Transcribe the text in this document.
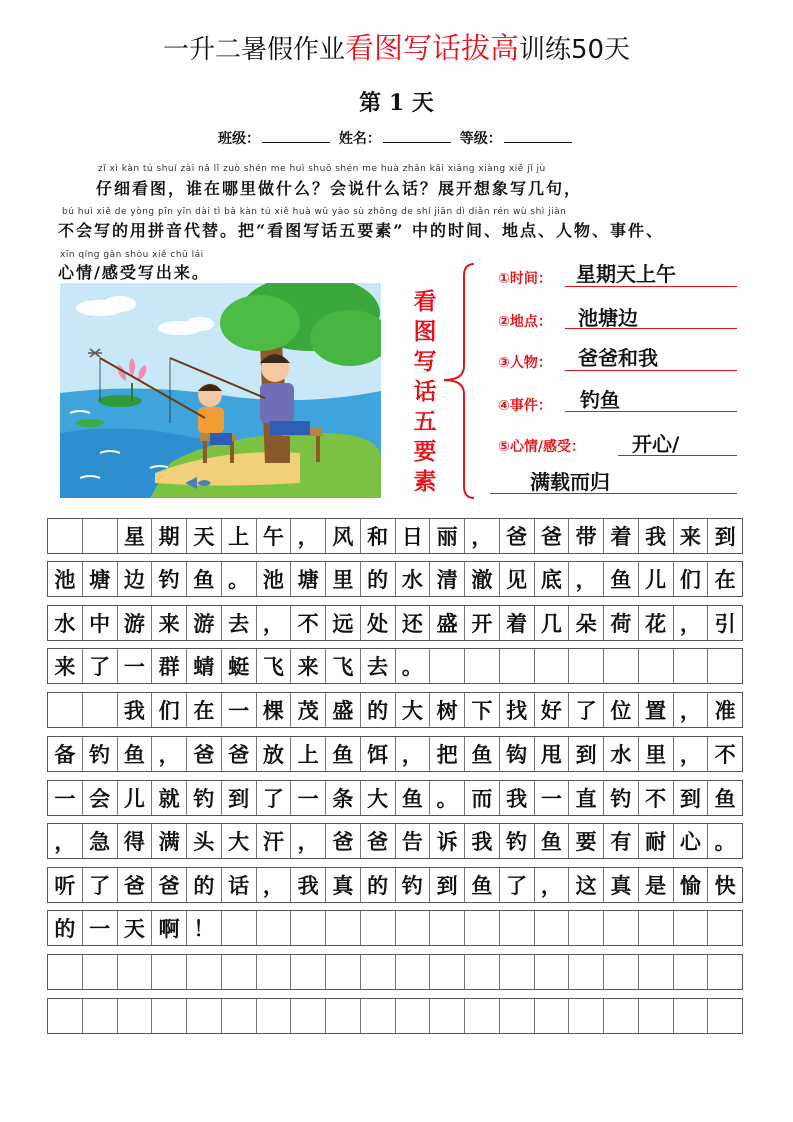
一升二暑假作业看图写话拔高训练50天
第 1 天
班级：	姓名：	等级：
zǐ xì kàn tú shuí zài nǎ lǐ zuò shén me huì shuō shén me huà zhǎn kāi xiǎng xiàng xiě jǐ jù
仔细看图，谁在哪里做什么？会说什么话？展开想象写几句，
bú huì xiě de yòng pīn yīn dài tì bǎ kàn tú xiě huà wǔ yào sù zhōng de shí jiān dì diǎn rén wù shì jiàn
不会写的用拼音代替。把“看图写话五要素” 中的时间、地点、人物、事件、
xīn qíng gǎn shòu xiě chū lái
心情/感受写出来。
看
图
写
话
五
要
素
①时间： 星期天上午
②地点： 池塘边
③人物： 爸爸和我
④事件： 钓鱼
⑤心情/感受： 开心/
满载而归
星 期 天 上 午 ， 风 和 日 丽 ， 爸 爸 带 着 我 来 到
池 塘 边 钓 鱼 。 池 塘 里 的 水 清 澈 见 底 ， 鱼 儿 们 在
水 中 游 来 游 去 ， 不 远 处 还 盛 开 着 几 朵 荷 花 ， 引
来 了 一 群 蜻 蜓 飞 来 飞 去 。
我 们 在 一 棵 茂 盛 的 大 树 下 找 好 了 位 置 ， 准
备 钓 鱼 ， 爸 爸 放 上 鱼 饵 ， 把 鱼 钩 甩 到 水 里 ， 不
一 会 儿 就 钓 到 了 一 条 大 鱼 。 而 我 一 直 钓 不 到 鱼
， 急 得 满 头 大 汗 ， 爸 爸 告 诉 我 钓 鱼 要 有 耐 心 。
听 了 爸 爸 的 话 ， 我 真 的 钓 到 鱼 了 ， 这 真 是 愉 快
的 一 天 啊 ！
